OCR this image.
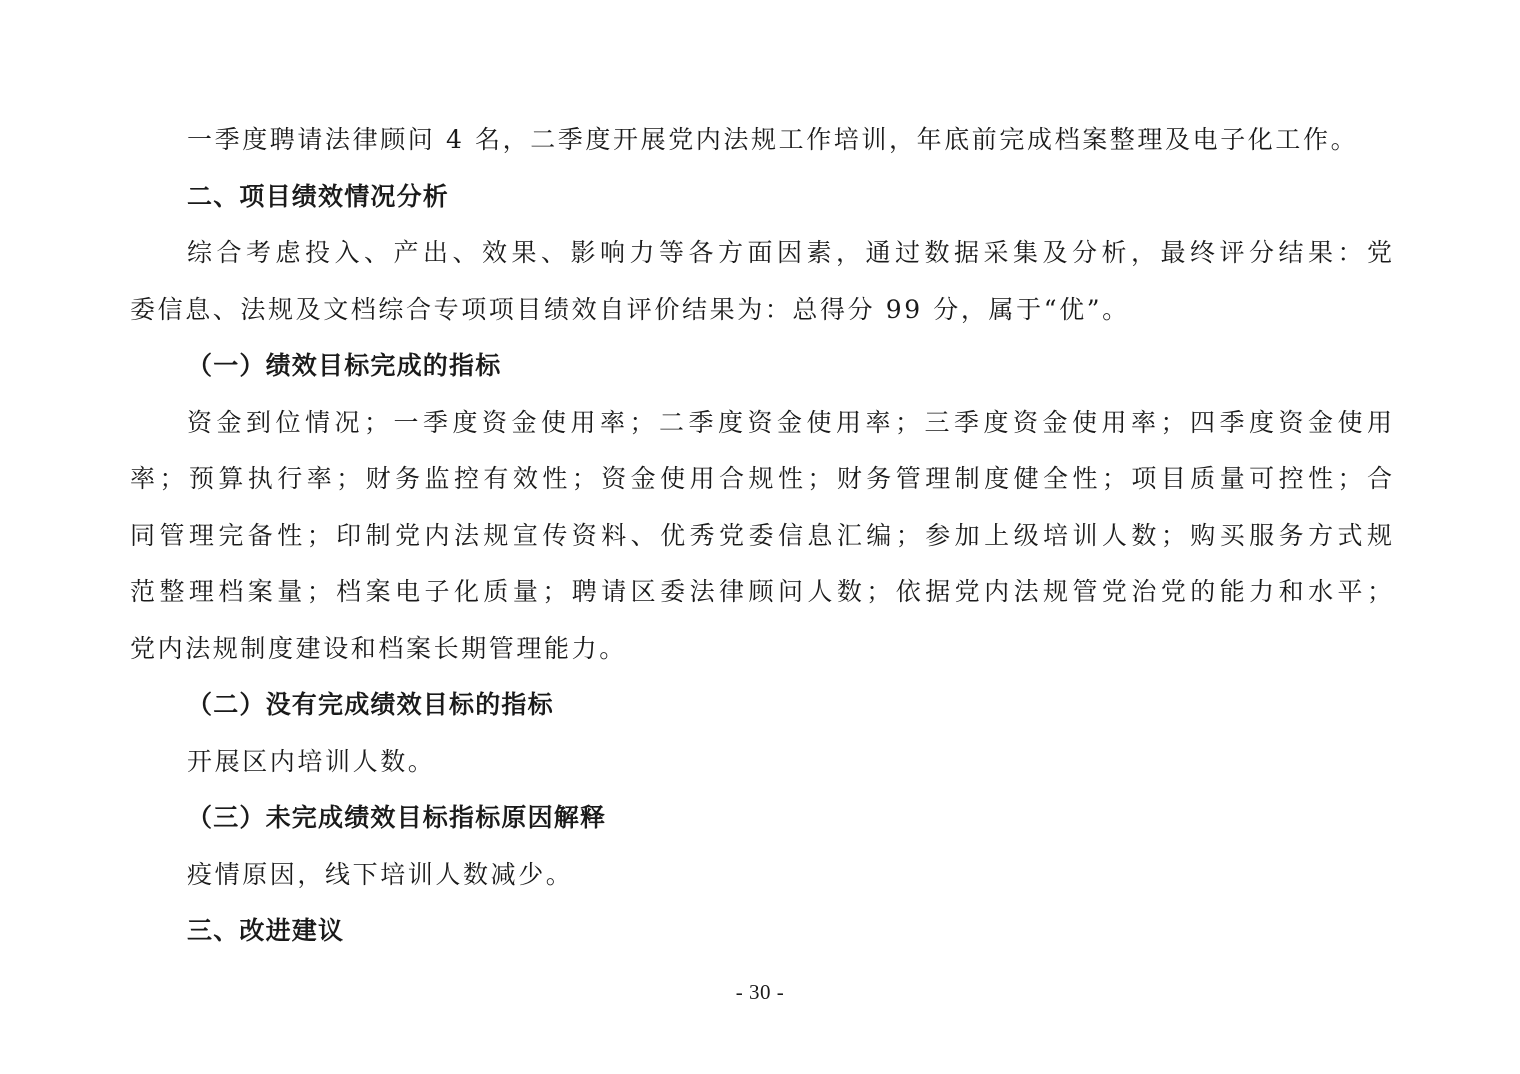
一季度聘请法律顾问 4 名，二季度开展党内法规工作培训，年底前完成档案整理及电子化工作。
二、项目绩效情况分析
综合考虑投入、产出、效果、影响力等各方面因素，通过数据采集及分析，最终评分结果：党
委信息、法规及文档综合专项项目绩效自评价结果为：总得分 99 分，属于“优”。
（一）绩效目标完成的指标
资金到位情况；一季度资金使用率；二季度资金使用率；三季度资金使用率；四季度资金使用
率；预算执行率；财务监控有效性；资金使用合规性；财务管理制度健全性；项目质量可控性；合
同管理完备性；印制党内法规宣传资料、优秀党委信息汇编；参加上级培训人数；购买服务方式规
范整理档案量；档案电子化质量；聘请区委法律顾问人数；依据党内法规管党治党的能力和水平；
党内法规制度建设和档案长期管理能力。
（二）没有完成绩效目标的指标
开展区内培训人数。
（三）未完成绩效目标指标原因解释
疫情原因，线下培训人数减少。
三、改进建议
- 30 -
